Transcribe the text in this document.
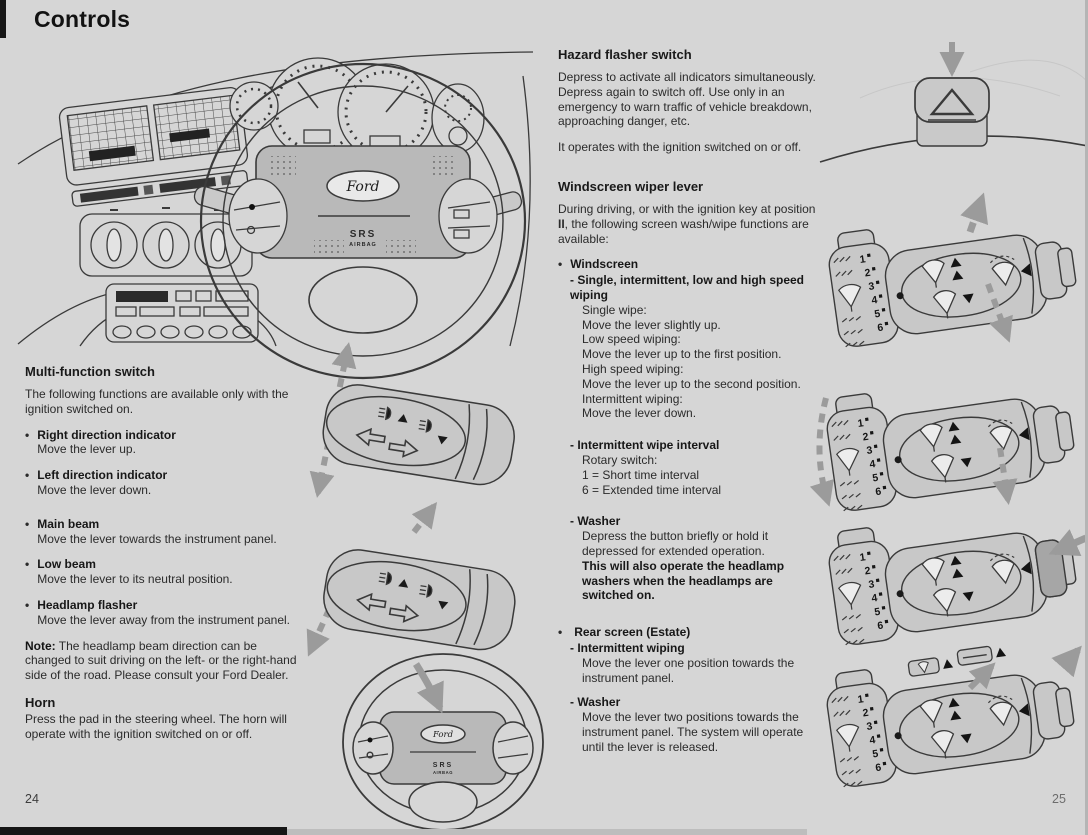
1
2
3
4
5
6
Controls
Ford
SRS
AIRBAG
Multi-function switch
The following functions are available only with the ignition switched on.
• Right direction indicator
Move the lever up.
• Left direction indicator
Move the lever down.
• Main beam
Move the lever towards the instrument panel.
• Low beam
Move the lever to its neutral position.
• Headlamp flasher
Move the lever away from the instrument panel.
Note: The headlamp beam direction can be changed to suit driving on the left- or the right-hand side of the road. Please consult your Ford Dealer.
Horn
Press the pad in the steering wheel. The horn will operate with the ignition switched on or off.
24
Ford
SRS
AIRBAG
Hazard flasher switch
Depress to activate all indicators simultaneously. Depress again to switch off. Use only in an emergency to warn traffic of vehicle breakdown, approaching danger, etc.
It operates with the ignition switched on or off.
Windscreen wiper lever
During driving, or with the ignition key at position II, the following screen wash/wipe functions are available:
• Windscreen
- Single, intermittent, low and high speed wiping
Single wipe:
Move the lever slightly up.
Low speed wiping:
Move the lever up to the first position.
High speed wiping:
Move the lever up to the second position.
Intermittent wiping:
Move the lever down.
- Intermittent wipe interval
Rotary switch:
1 = Short time interval
6 = Extended time interval
- Washer
Depress the button briefly or hold it depressed for extended operation.
This will also operate the headlamp washers when the headlamps are switched on.
• Rear screen (Estate)
- Intermittent wiping
Move the lever one position towards the instrument panel.
- Washer
Move the lever two positions towards the instrument panel. The system will operate until the lever is released.
25
